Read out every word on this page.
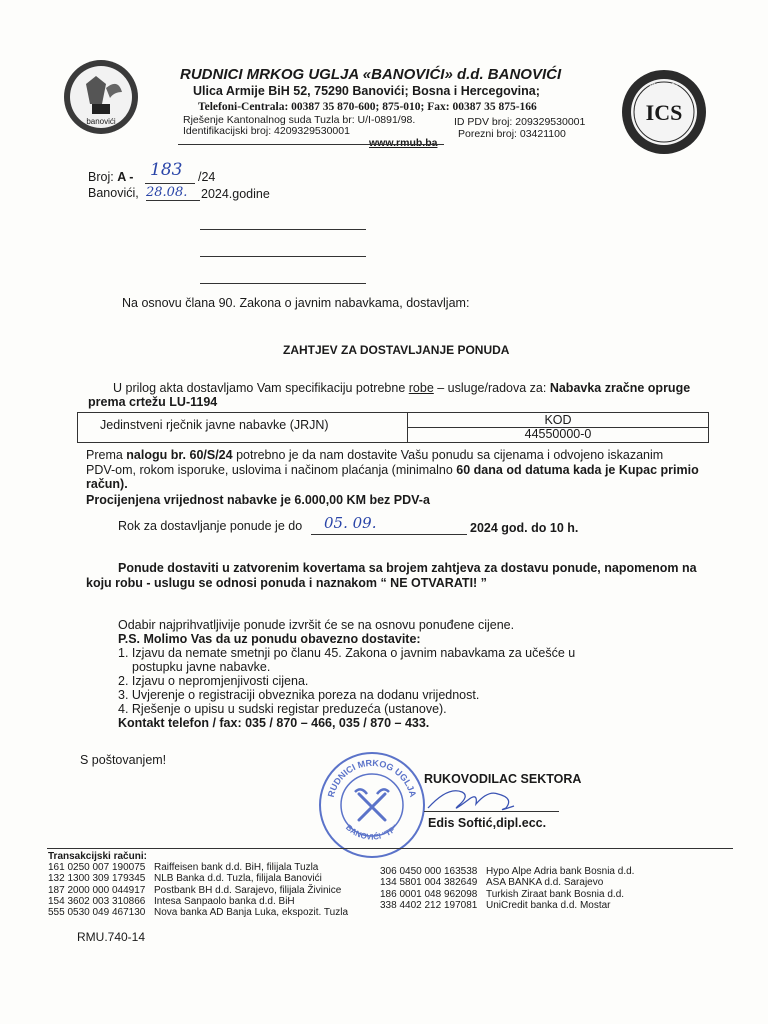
banovići
RUDNICI MRKOG UGLJA «BANOVIĆI» d.d. BANOVIĆI
Ulica Armije BiH 52, 75290 Banovići; Bosna i Hercegovina;
Telefoni-Centrala: 00387 35 870-600; 875-010; Fax: 00387 35 875-166
Rješenje Kantonalnog suda Tuzla br: U/I-0891/98.	ID PDV broj: 209329530001
Identifikacijski broj: 4209329530001	Porezni broj: 03421100
www.rmub.ba
ICS
ISO 9001
Broj: A - 183 /24
Banovići, 28.08. 2024.godine
Na osnovu člana 90. Zakona o javnim nabavkama, dostavljam:
ZAHTJEV ZA DOSTAVLJANJE PONUDA
U prilog akta dostavljamo Vam specifikaciju potrebne robe – usluge/radova za: Nabavka zračne opruge
prema crtežu LU-1194
Jedinstveni rječnik javne nabavke (JRJN)	KOD
44550000-0
Prema nalogu br. 60/S/24 potrebno je da nam dostavite Vašu ponudu sa cijenama i odvojeno iskazanim
PDV-om, rokom isporuke, uslovima i načinom plaćanja (minimalno 60 dana od datuma kada je Kupac primio
račun).
Procijenjena vrijednost nabavke je 6.000,00 KM bez PDV-a
Rok za dostavljanje ponude je do 05. 09.	2024 god. do 10 h.
Ponude dostaviti u zatvorenim kovertama sa brojem zahtjeva za dostavu ponude, napomenom na
koju robu - uslugu se odnosi ponuda i naznakom “ NE OTVARATI! ”
Odabir najprihvatljivije ponude izvršit će se na osnovu ponuđene cijene.
P.S. Molimo Vas da uz ponudu obavezno dostavite:
1. Izjavu da nemate smetnji po članu 45. Zakona o javnim nabavkama za učešće u
postupku javne nabavke.
2. Izjavu o nepromjenjivosti cijena.
3. Uvjerenje o registraciji obveznika poreza na dodanu vrijednost.
4. Rješenje o upisu u sudski registar preduzeća (ustanove).
Kontakt telefon / fax: 035 / 870 – 466, 035 / 870 – 433.
S poštovanjem!
RUDNICI MRKOG UGLJA
BANOVIĆI "TP"
RUKOVODILAC SEKTORA
Edis Softić,dipl.ecc.
Transakcijski računi:
161 0250 007 190075 Raiffeisen bank d.d. BiH, filijala Tuzla
132 1300 309 179345 NLB Banka d.d. Tuzla, filijala Banovići
187 2000 000 044917 Postbank BH d.d. Sarajevo, filijala Živinice
154 3602 003 310866 Intesa Sanpaolo banka d.d. BiH
555 0530 049 467130 Nova banka AD Banja Luka, ekspozit. Tuzla
306 0450 000 163538 Hypo Alpe Adria bank Bosnia d.d.
134 5801 004 382649 ASA BANKA d.d. Sarajevo
186 0001 048 962098 Turkish Ziraat bank Bosnia d.d.
338 4402 212 197081 UniCredit banka d.d. Mostar
RMU.740-14
